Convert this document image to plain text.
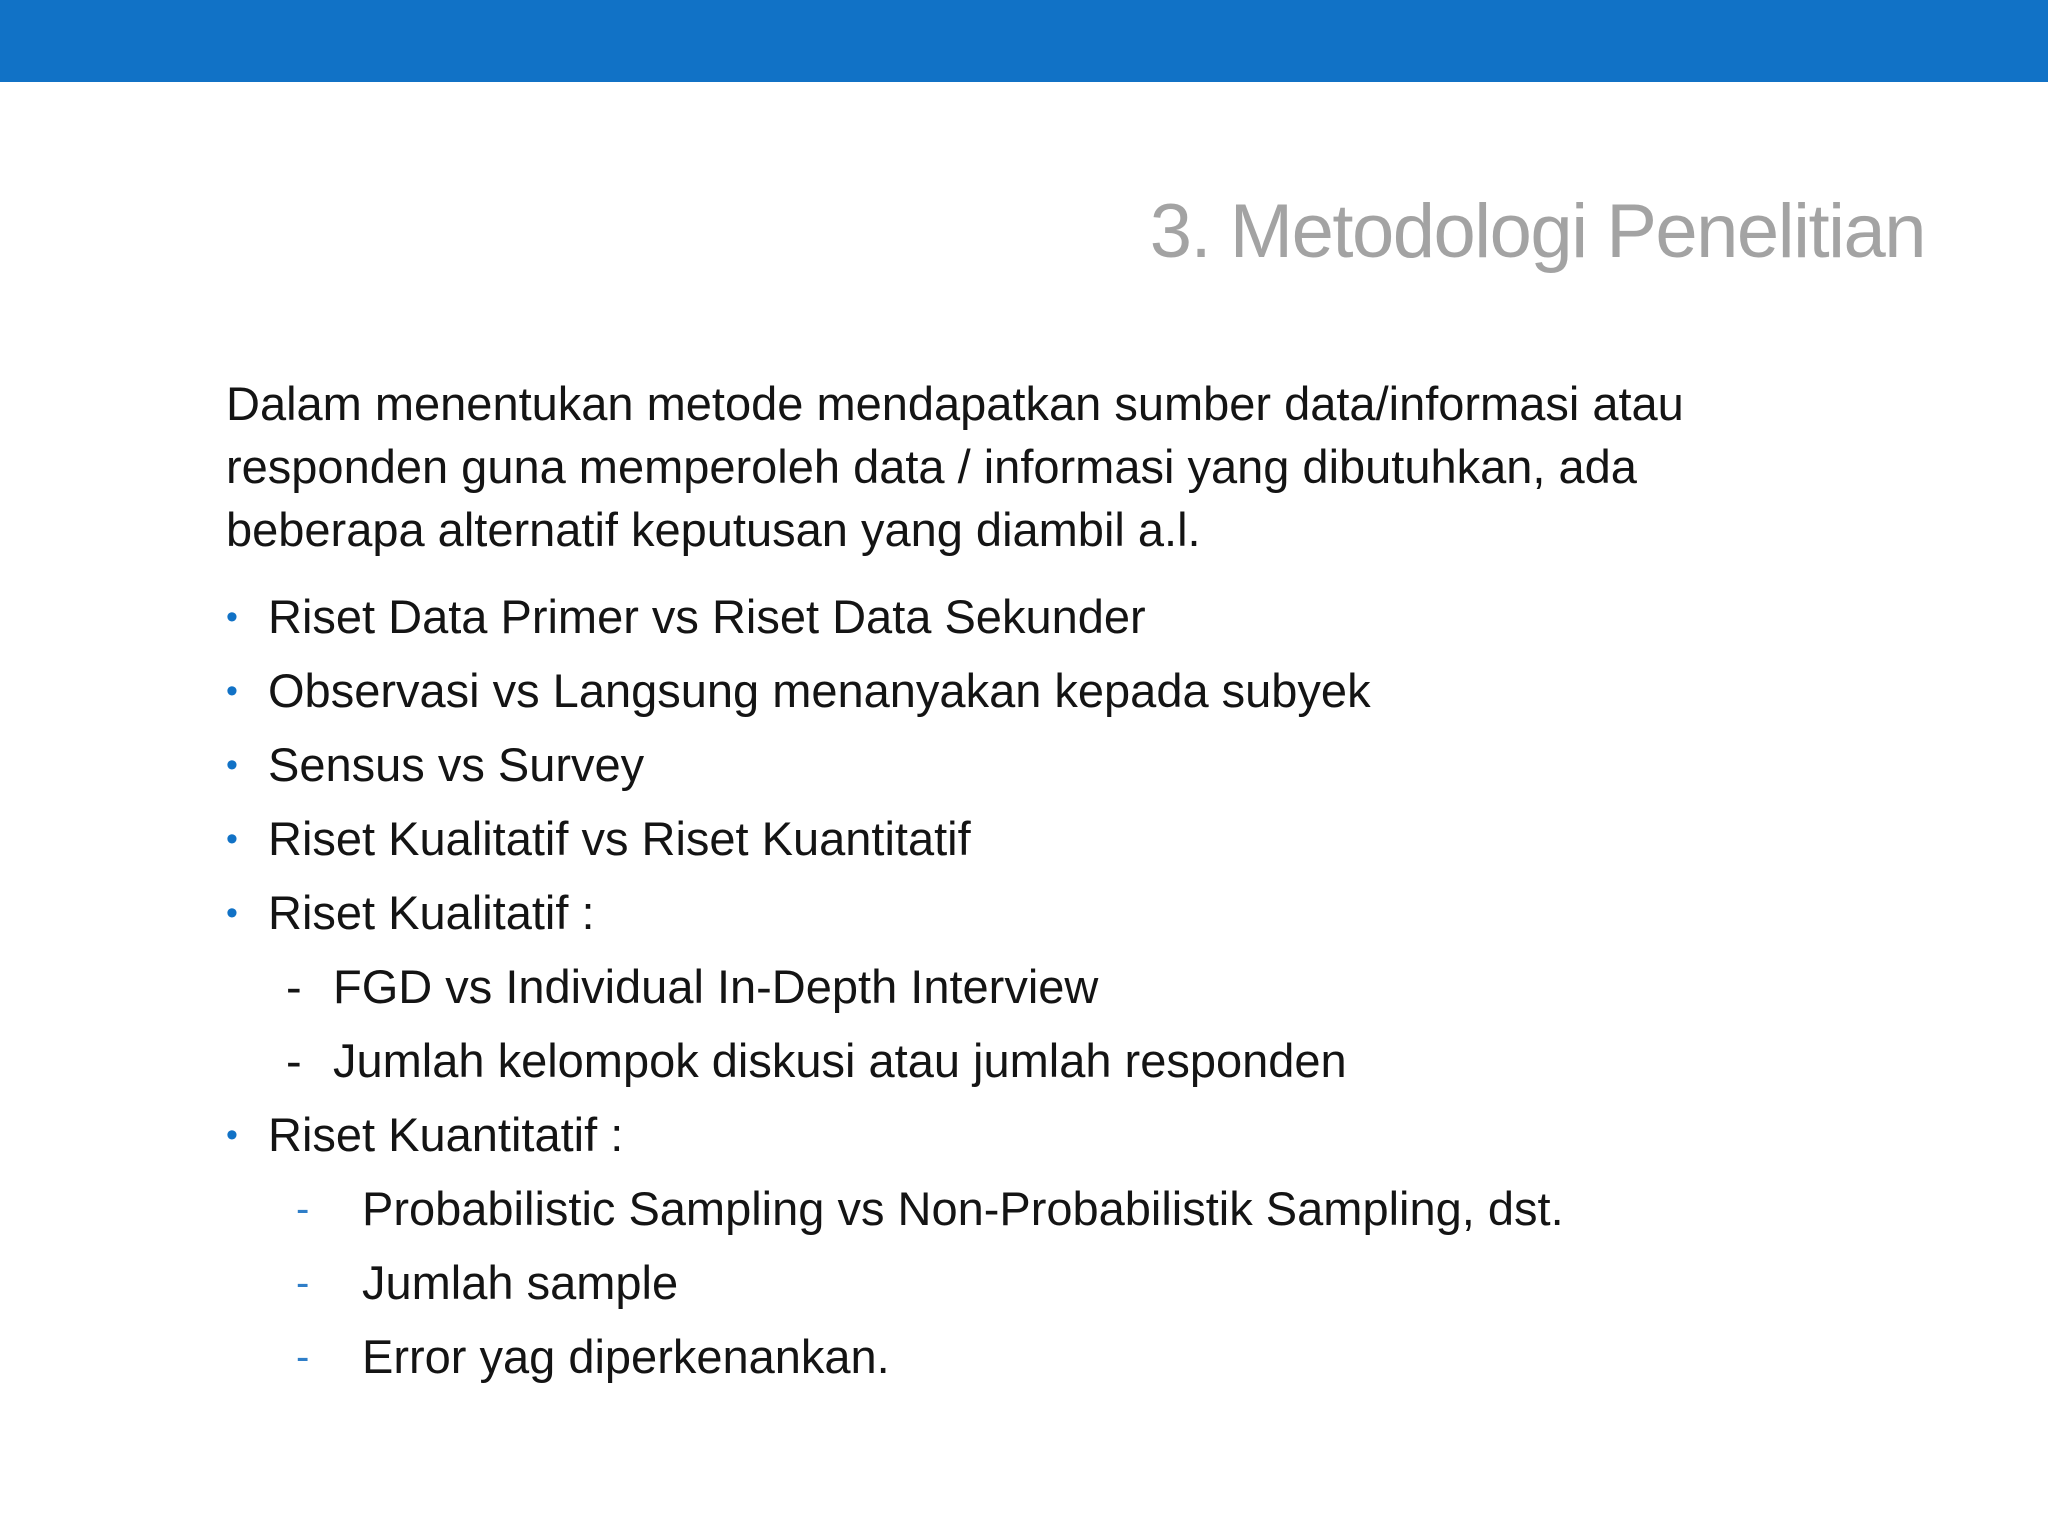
3. Metodologi Penelitian

Dalam menentukan metode mendapatkan sumber data/informasi atau
responden guna memperoleh data / informasi yang dibutuhkan, ada
beberapa alternatif keputusan yang diambil a.l.

• Riset Data Primer vs Riset Data Sekunder
• Observasi vs Langsung menanyakan kepada subyek
• Sensus vs Survey
• Riset Kualitatif vs Riset Kuantitatif
• Riset Kualitatif :
- FGD vs Individual In-Depth Interview
- Jumlah kelompok diskusi atau jumlah responden
• Riset Kuantitatif :
- Probabilistic Sampling vs Non-Probabilistik Sampling, dst.
- Jumlah sample
- Error yag diperkenankan.
